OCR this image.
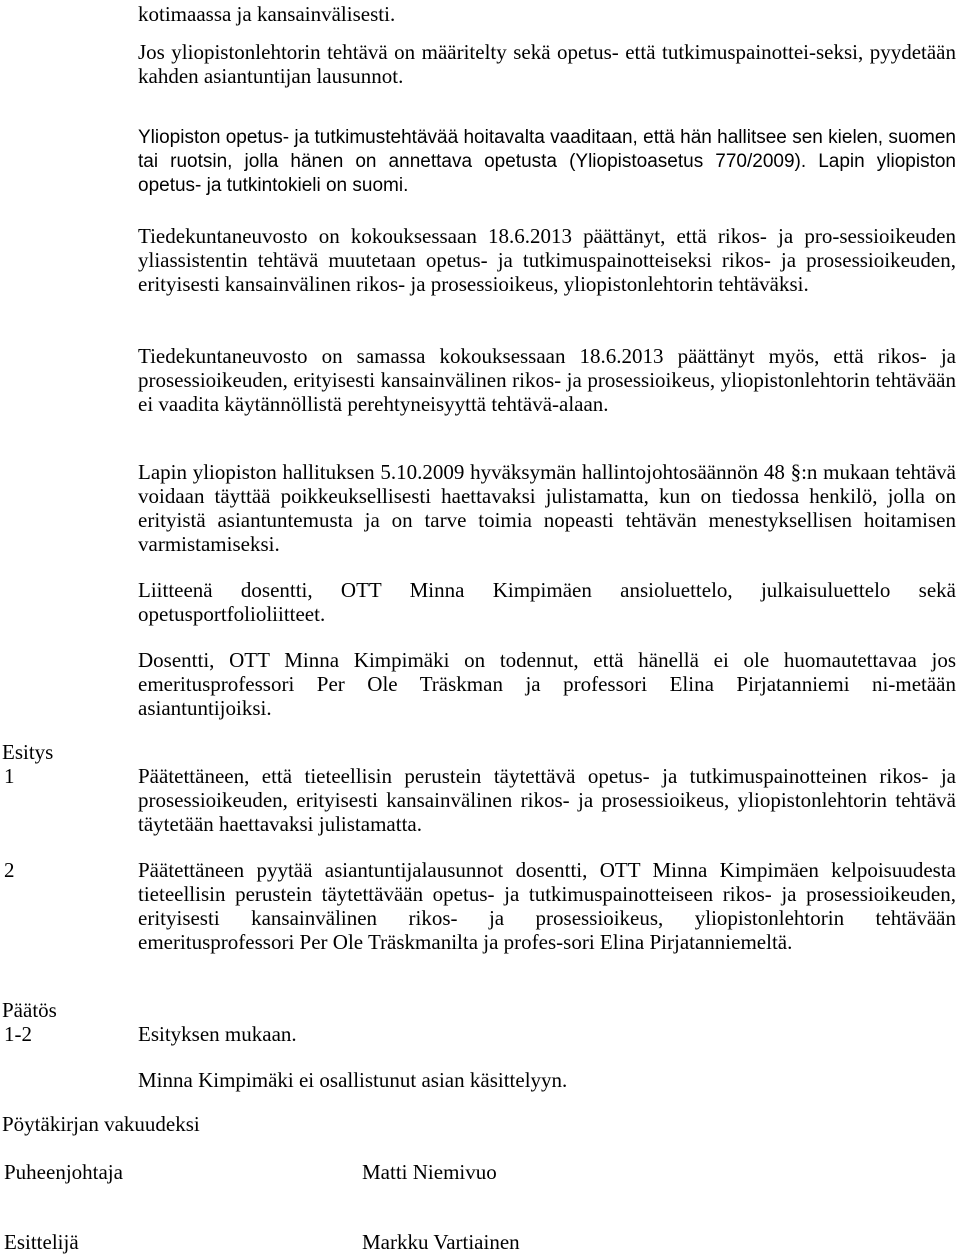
kotimaassa ja kansainvälisesti.

Jos yliopistonlehtorin tehtävä on määritelty sekä opetus- että tutkimuspainottei-seksi, pyydetään kahden asiantuntijan lausunnot.

Yliopiston opetus- ja tutkimustehtävää hoitavalta vaaditaan, että hän hallitsee sen kielen, suomen tai ruotsin, jolla hänen on annettava opetusta (Yliopistoasetus 770/2009). Lapin yliopiston opetus- ja tutkintokieli on suomi.

Tiedekuntaneuvosto on kokouksessaan 18.6.2013 päättänyt, että rikos- ja pro-sessioikeuden yliassistentin tehtävä muutetaan opetus- ja tutkimuspainotteiseksi rikos- ja prosessioikeuden, erityisesti kansainvälinen rikos- ja prosessioikeus, yliopistonlehtorin tehtäväksi.

Tiedekuntaneuvosto on samassa kokouksessaan 18.6.2013 päättänyt myös, että rikos- ja prosessioikeuden, erityisesti kansainvälinen rikos- ja prosessioikeus, yliopistonlehtorin tehtävään ei vaadita käytännöllistä perehtyneisyyttä tehtävä-alaan.

Lapin yliopiston hallituksen 5.10.2009 hyväksymän hallintojohtosäännön 48 §:n mukaan tehtävä voidaan täyttää poikkeuksellisesti haettavaksi julistamatta, kun on tiedossa henkilö, jolla on erityistä asiantuntemusta ja on tarve toimia nopeasti tehtävän menestyksellisen hoitamisen varmistamiseksi.

Liitteenä dosentti, OTT Minna Kimpimäen ansioluettelo, julkaisuluettelo sekä opetusportfolioliitteet.

Dosentti, OTT Minna Kimpimäki on todennut, että hänellä ei ole huomautettavaa jos emeritusprofessori Per Ole Träskman ja professori Elina Pirjatanniemi ni-metään asiantuntijoiksi.

Esitys

1	Päätettäneen, että tieteellisin perustein täytettävä opetus- ja tutkimuspainotteinen rikos- ja prosessioikeuden, erityisesti kansainvälinen rikos- ja prosessioikeus, yliopistonlehtorin tehtävä täytetään haettavaksi julistamatta.

2	Päätettäneen pyytää asiantuntijalausunnot dosentti, OTT Minna Kimpimäen kelpoisuudesta tieteellisin perustein täytettävään opetus- ja tutkimuspainotteiseen rikos- ja prosessioikeuden, erityisesti kansainvälinen rikos- ja prosessioikeus, yliopistonlehtorin tehtävään emeritusprofessori Per Ole Träskmanilta ja profes-sori Elina Pirjatanniemeltä.

Päätös

1-2	Esityksen mukaan.

Minna Kimpimäki ei osallistunut asian käsittelyyn.

Pöytäkirjan vakuudeksi

Puheenjohtaja	Matti Niemivuo

Esittelijä	Markku Vartiainen
